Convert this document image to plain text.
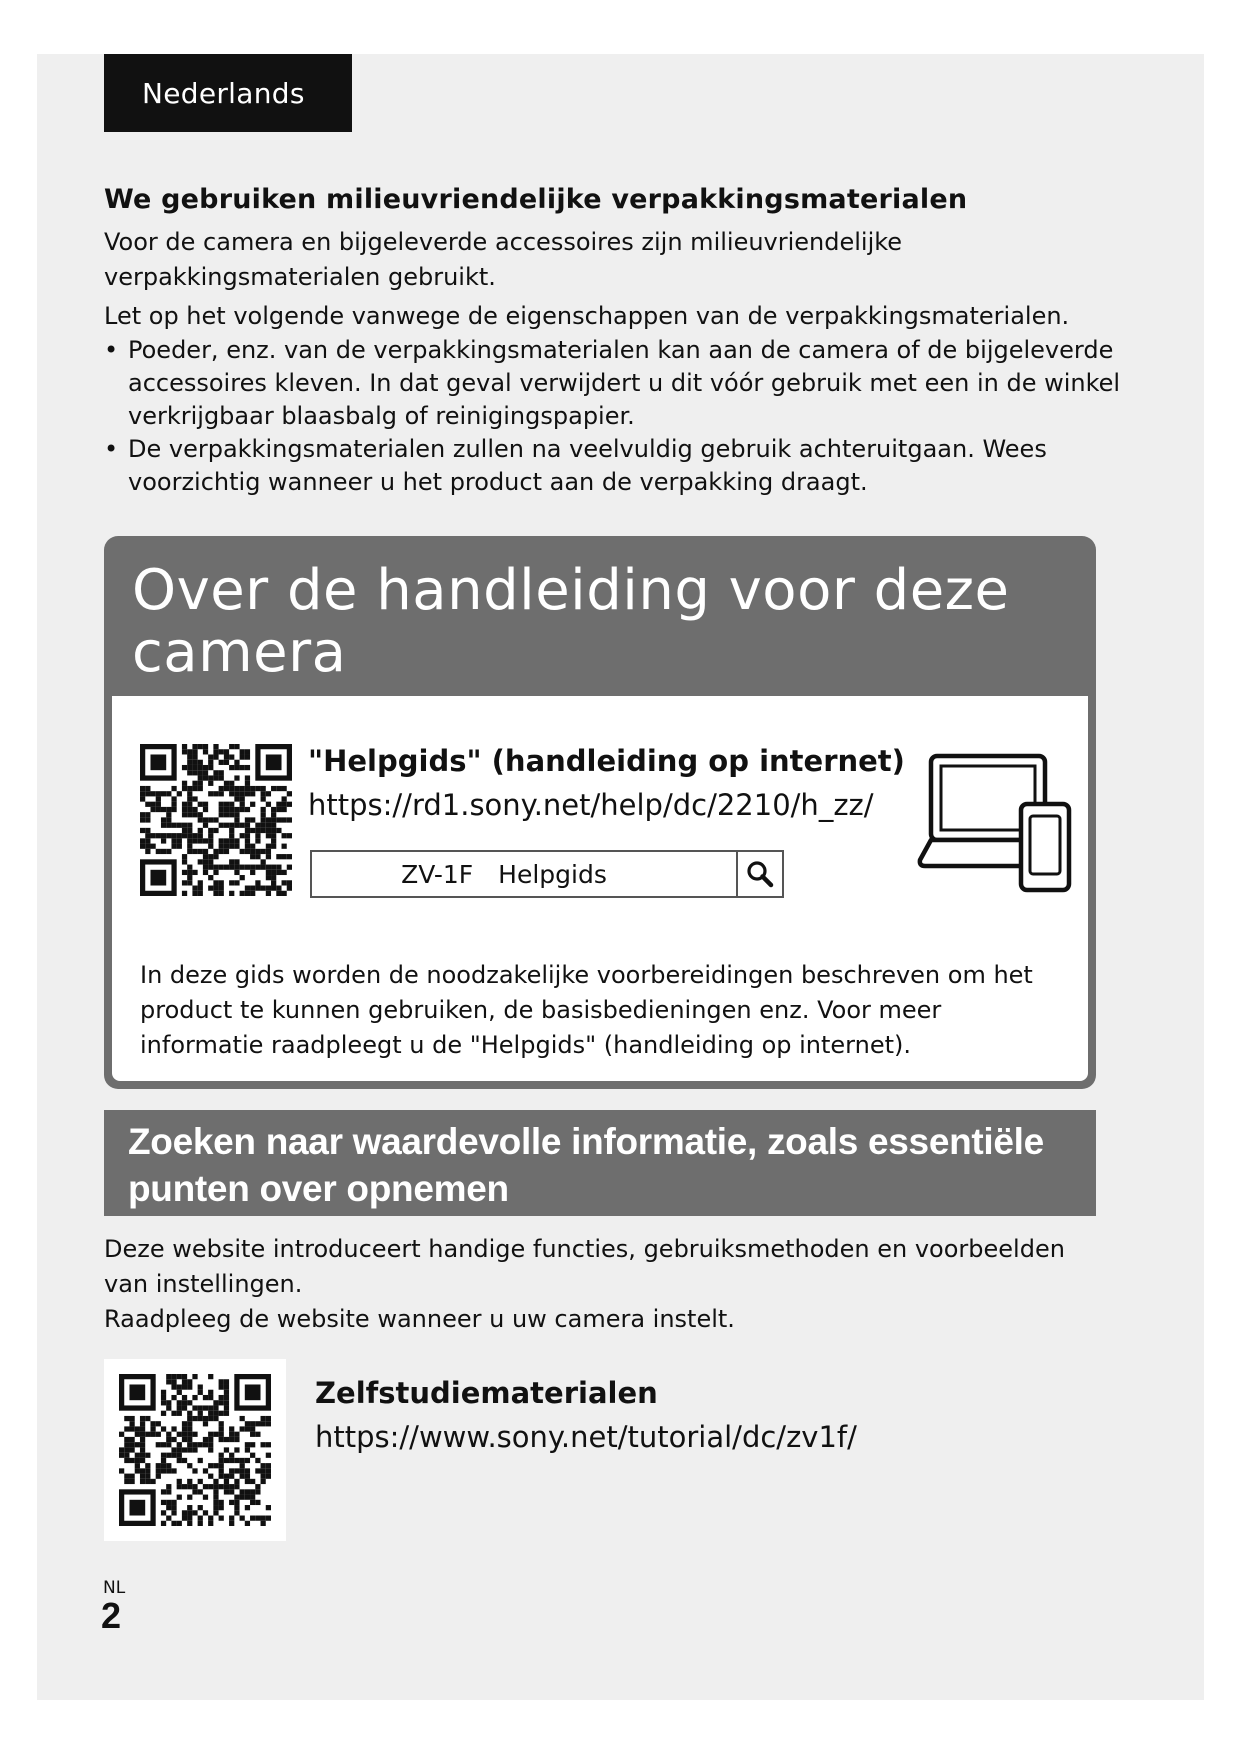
Nederlands
We gebruiken milieuvriendelijke verpakkingsmaterialen

Voor de camera en bijgeleverde accessoires zijn milieuvriendelijke verpakkingsmaterialen gebruikt.

Let op het volgende vanwege de eigenschappen van de verpakkingsmaterialen.

• Poeder, enz. van de verpakkingsmaterialen kan aan de camera of de bijgeleverde accessoires kleven. In dat geval verwijdert u dit vóór gebruik met een in de winkel verkrijgbaar blaasbalg of reinigingspapier.
• De verpakkingsmaterialen zullen na veelvuldig gebruik achteruitgaan. Wees voorzichtig wanneer u het product aan de verpakking draagt.
Over de handleiding voor deze camera
"Helpgids" (handleiding op internet)
https://rd1.sony.net/help/dc/2210/h_zz/
ZV-1F Helpgids

In deze gids worden de noodzakelijke voorbereidingen beschreven om het product te kunnen gebruiken, de basisbedieningen enz. Voor meer informatie raadpleegt u de "Helpgids" (handleiding op internet).

Zoeken naar waardevolle informatie, zoals essentiële punten over opnemen

Deze website introduceert handige functies, gebruiksmethoden en voorbeelden van instellingen.

Raadpleeg de website wanneer u uw camera instelt.

Zelfstudiematerialen
https://www.sony.net/tutorial/dc/zv1f/
NL
2
